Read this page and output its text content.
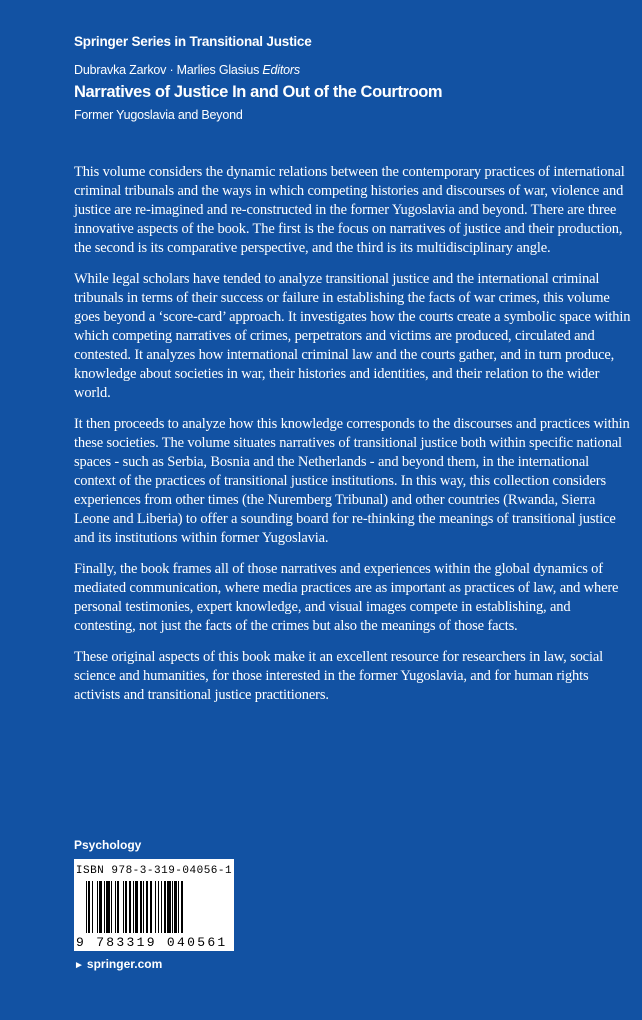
Springer Series in Transitional Justice
Dubravka Zarkov · Marlies Glasius Editors
Narratives of Justice In and Out of the Courtroom
Former Yugoslavia and Beyond

This volume considers the dynamic relations between the contemporary practices of international criminal tribunals and the ways in which competing histories and discourses of war, violence and justice are re-imagined and re-constructed in the former Yugoslavia and beyond. There are three innovative aspects of the book. The first is the focus on narratives of justice and their production, the second is its comparative perspective, and the third is its multidisciplinary angle.

While legal scholars have tended to analyze transitional justice and the international criminal tribunals in terms of their success or failure in establishing the facts of war crimes, this volume goes beyond a ‘score-card’ approach. It investigates how the courts create a symbolic space within which competing narratives of crimes, perpetrators and victims are produced, circulated and contested. It analyzes how international criminal law and the courts gather, and in turn produce, knowledge about societies in war, their histories and identities, and their relation to the wider world.

It then proceeds to analyze how this knowledge corresponds to the discourses and practices within these societies. The volume situates narratives of transitional justice both within specific national spaces - such as Serbia, Bosnia and the Netherlands - and beyond them, in the international context of the practices of transitional justice institutions. In this way, this collection considers experiences from other times (the Nuremberg Tribunal) and other countries (Rwanda, Sierra Leone and Liberia) to offer a sounding board for re-thinking the meanings of transitional justice and its institutions within former Yugoslavia.

Finally, the book frames all of those narratives and experiences within the global dynamics of mediated communication, where media practices are as important as practices of law, and where personal testimonies, expert knowledge, and visual images compete in establishing, and contesting, not just the facts of the crimes but also the meanings of those facts.

These original aspects of this book make it an excellent resource for researchers in law, social science and humanities, for those interested in the former Yugoslavia, and for human rights activists and transitional justice practitioners.

Psychology
ISBN 978-3-319-04056-1
9 783319 040561
► springer.com
